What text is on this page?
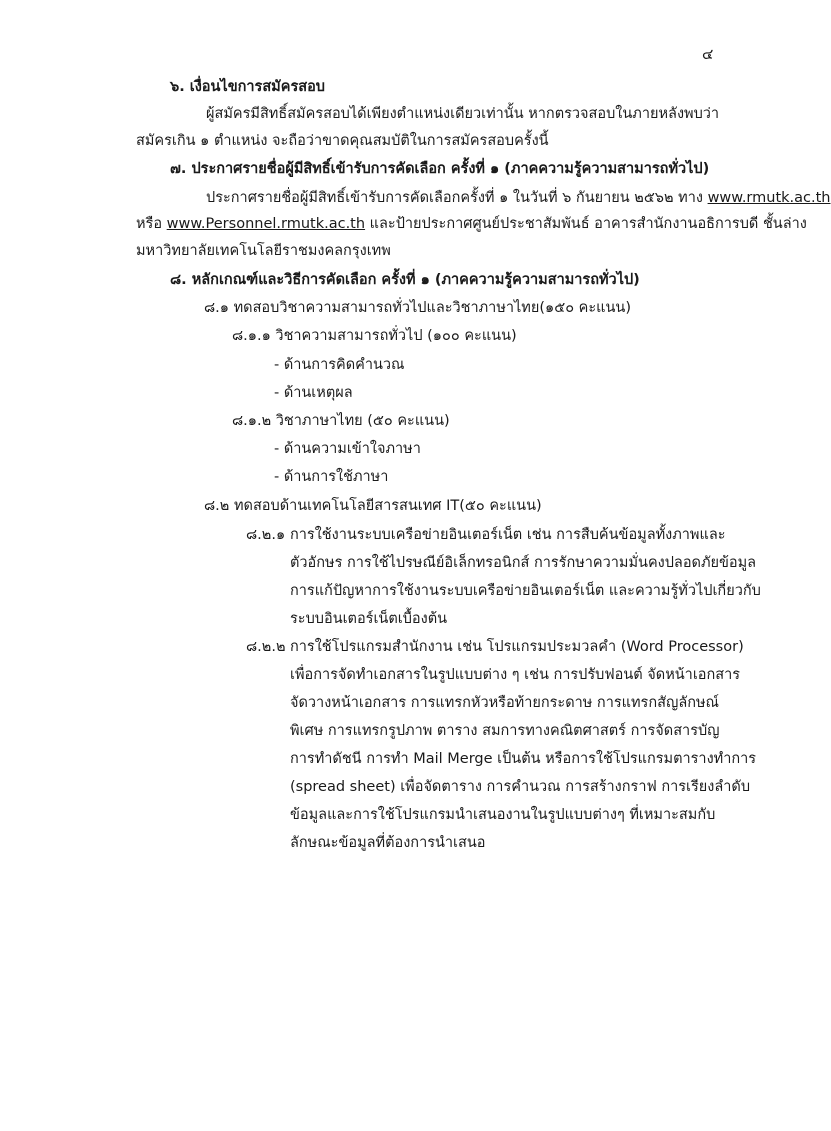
๔
๖. เงื่อนไขการสมัครสอบ
ผู้สมัครมีสิทธิ์สมัครสอบได้เพียงตำแหน่งเดียวเท่านั้น หากตรวจสอบในภายหลังพบว่า
สมัครเกิน ๑ ตำแหน่ง จะถือว่าขาดคุณสมบัติในการสมัครสอบครั้งนี้
๗. ประกาศรายชื่อผู้มีสิทธิ์เข้ารับการคัดเลือก ครั้งที่ ๑ (ภาคความรู้ความสามารถทั่วไป)
ประกาศรายชื่อผู้มีสิทธิ์เข้ารับการคัดเลือกครั้งที่ ๑ ในวันที่ ๖ กันยายน ๒๕๖๒ ทาง www.rmutk.ac.th
หรือ www.Personnel.rmutk.ac.th และป้ายประกาศศูนย์ประชาสัมพันธ์ อาคารสำนักงานอธิการบดี ชั้นล่าง
มหาวิทยาลัยเทคโนโลยีราชมงคลกรุงเทพ
๘. หลักเกณฑ์และวิธีการคัดเลือก ครั้งที่ ๑ (ภาคความรู้ความสามารถทั่วไป)
๘.๑ ทดสอบวิชาความสามารถทั่วไปและวิชาภาษาไทย(๑๕๐ คะแนน)
๘.๑.๑ วิชาความสามารถทั่วไป (๑๐๐ คะแนน)
- ด้านการคิดคำนวณ
- ด้านเหตุผล
๘.๑.๒ วิชาภาษาไทย (๕๐ คะแนน)
- ด้านความเข้าใจภาษา
- ด้านการใช้ภาษา
๘.๒ ทดสอบด้านเทคโนโลยีสารสนเทศ IT(๕๐ คะแนน)
๘.๒.๑ การใช้งานระบบเครือข่ายอินเตอร์เน็ต เช่น การสืบค้นข้อมูลทั้งภาพและ
ตัวอักษร การใช้ไปรษณีย์อิเล็กทรอนิกส์ การรักษาความมั่นคงปลอดภัยข้อมูล
การแก้ปัญหาการใช้งานระบบเครือข่ายอินเตอร์เน็ต และความรู้ทั่วไปเกี่ยวกับ
ระบบอินเตอร์เน็ตเบื้องต้น
๘.๒.๒ การใช้โปรแกรมสำนักงาน เช่น โปรแกรมประมวลคำ (Word Processor)
เพื่อการจัดทำเอกสารในรูปแบบต่าง ๆ เช่น การปรับฟอนต์ จัดหน้าเอกสาร
จัดวางหน้าเอกสาร การแทรกหัวหรือท้ายกระดาษ การแทรกสัญลักษณ์
พิเศษ การแทรกรูปภาพ ตาราง สมการทางคณิตศาสตร์ การจัดสารบัญ
การทำดัชนี การทำ Mail Merge เป็นต้น หรือการใช้โปรแกรมตารางทำการ
(spread sheet) เพื่อจัดตาราง การคำนวณ การสร้างกราฟ การเรียงลำดับ
ข้อมูลและการใช้โปรแกรมนำเสนองานในรูปแบบต่างๆ ที่เหมาะสมกับ
ลักษณะข้อมูลที่ต้องการนำเสนอ
